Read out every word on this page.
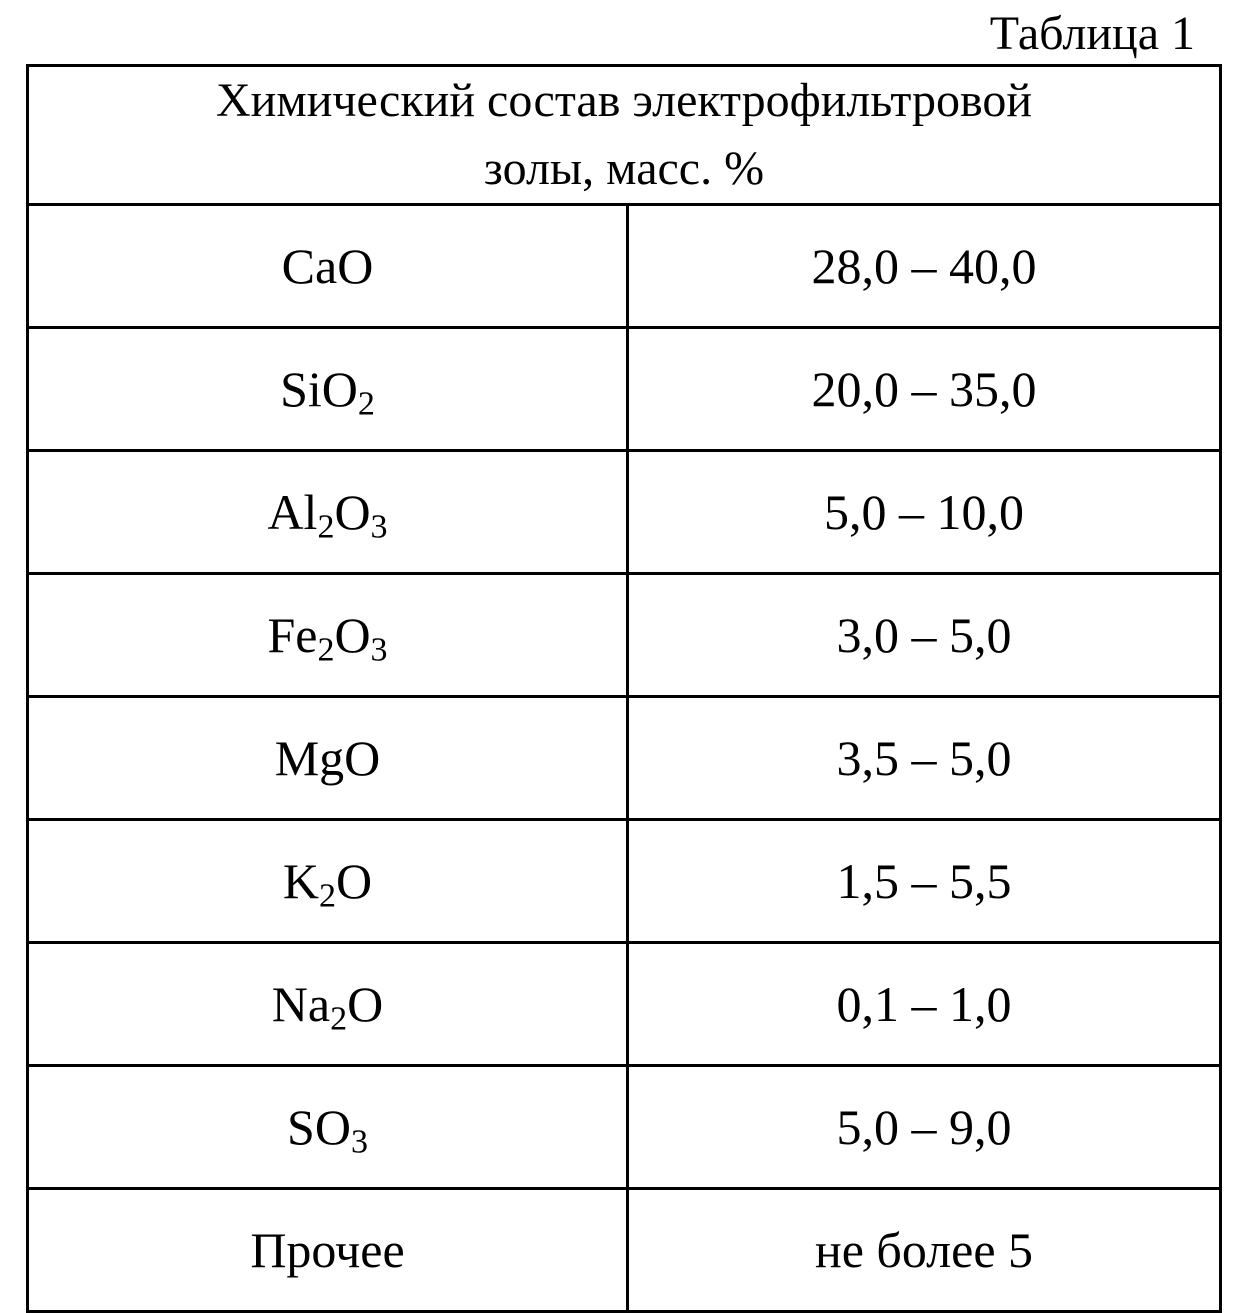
Таблица 1
Химический состав электрофильтровой
золы, масс. %	

CaO	28,0 – 40,0
SiO$_2$	20,0 – 35,0
$Al_2O_3$	5,0 – 10,0
$Fe_2O_3$	3,0 – 5,0
MgO	3,5 – 5,0
$K_2O$	1,5 – 5,5
$Na_2O$	0,1 – 1,0
$SO_3$	5,0 – 9,0
Прочее	не более 5
